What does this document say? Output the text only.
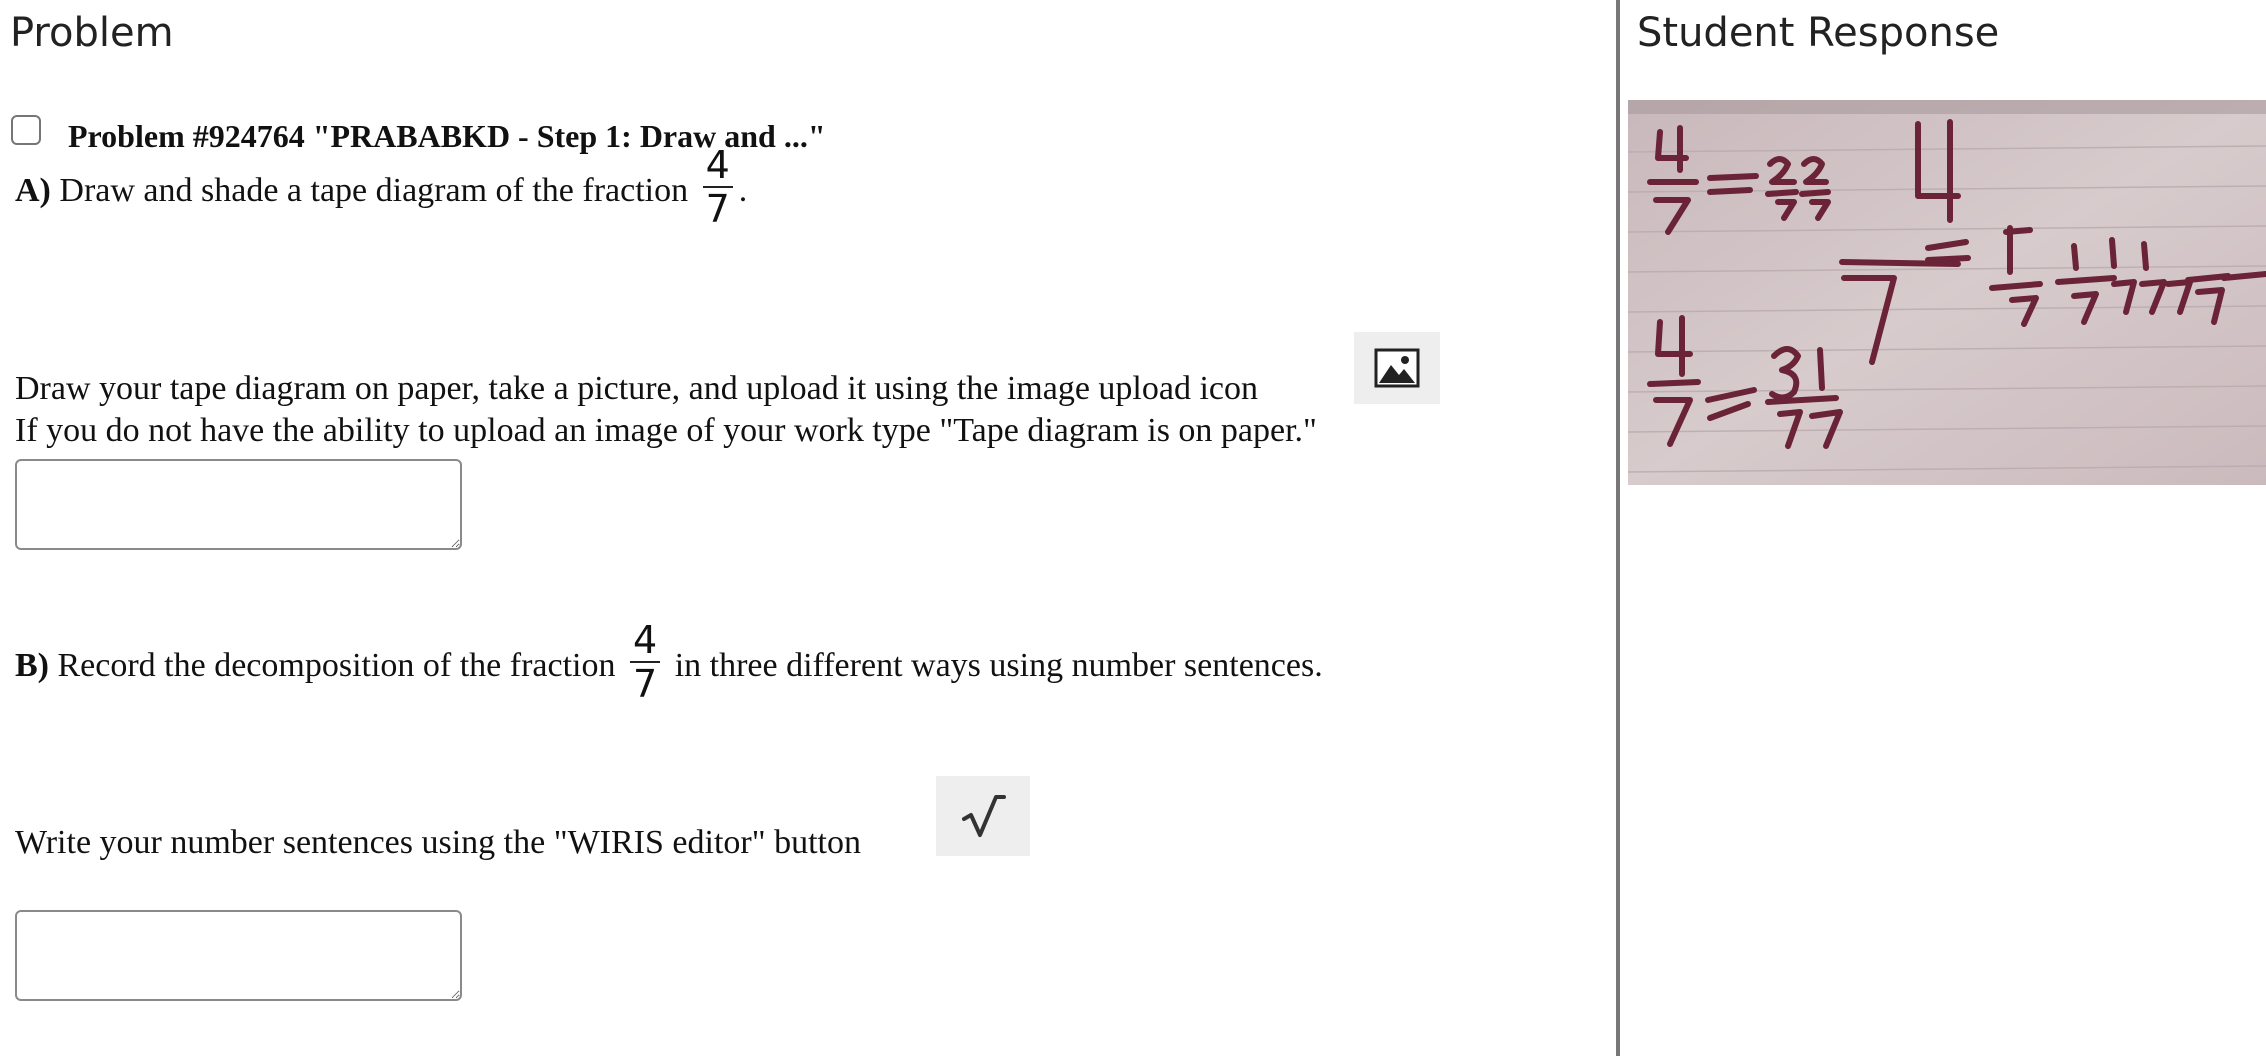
Problem
Problem #924764 "PRABABKD - Step 1: Draw and ..."
A) Draw and shade a tape diagram of the fraction $\frac{4}{7}$ .
Draw your tape diagram on paper, take a picture, and upload it using the image upload icon
If you do not have the ability to upload an image of your work type "Tape diagram is on paper."
B) Record the decomposition of the fraction $\frac{4}{7}$ in three different ways using number sentences.
Write your number sentences using the "WIRIS editor" button
Student Response
